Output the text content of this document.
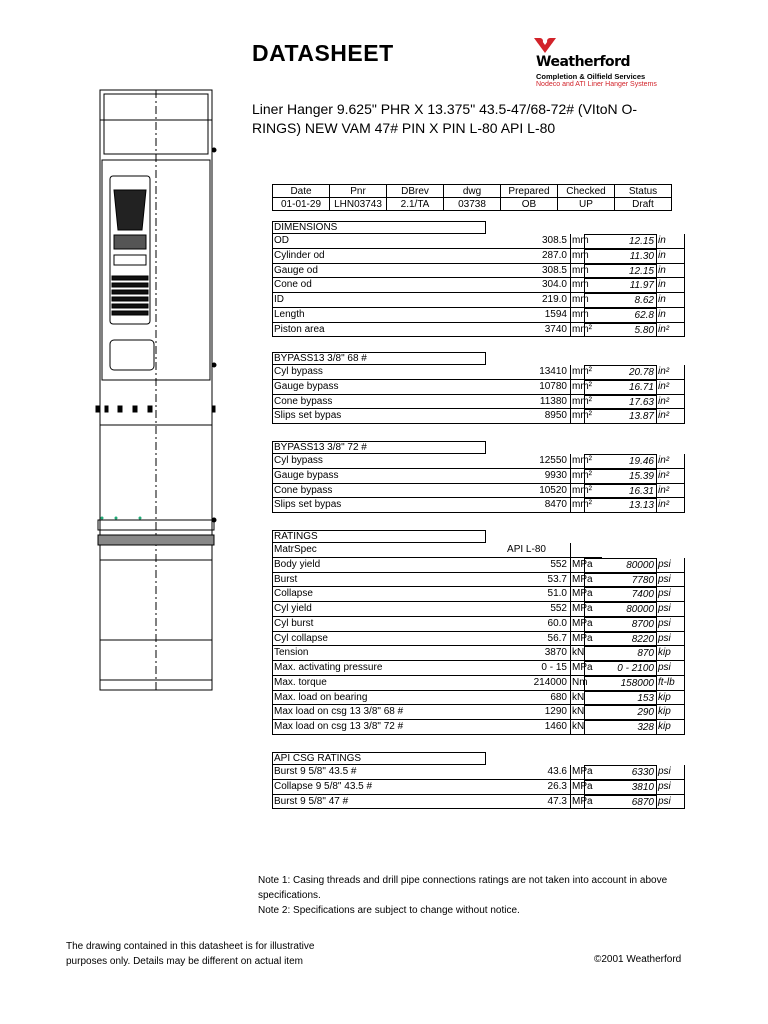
DATASHEET	Weatherford
Completion & Oilfield Services
Nodeco and ATI Liner Hanger Systems
Liner Hanger 9.625" PHR X 13.375" 43.5-47/68-72# (VItoN O-RINGS) NEW VAM 47# PIN X PIN L-80 API L-80
Date	Pnr	DBrev	dwg	Prepared	Checked	Status
01-01-29	LHN03743	2.1/TA	03738	OB	UP	Draft
DIMENSIONS
OD	308.5 mm	12.15 in
Cylinder od	287.0 mm	11.30 in
Gauge od	308.5 mm	12.15 in
Cone od	304.0 mm	11.97 in
ID	219.0 mm	8.62 in
Length	1594 mm	62.8 in
Piston area	3740 mm²	5.80 in²
BYPASS13 3/8" 68 #
Cyl bypass	13410 mm²	20.78 in²
Gauge bypass	10780 mm²	16.71 in²
Cone bypass	11380 mm²	17.63 in²
Slips set bypas	8950 mm²	13.87 in²
BYPASS13 3/8" 72 #
Cyl bypass	12550 mm²	19.46 in²
Gauge bypass	9930 mm²	15.39 in²
Cone bypass	10520 mm²	16.31 in²
Slips set bypas	8470 mm²	13.13 in²
RATINGS
MatrSpec	API L-80
Body yield	552 MPa	80000 psi
Burst	53.7 MPa	7780 psi
Collapse	51.0 MPa	7400 psi
Cyl yield	552 MPa	80000 psi
Cyl burst	60.0 MPa	8700 psi
Cyl collapse	56.7 MPa	8220 psi
Tension	3870 kN	870 kip
Max. activating pressure	0 - 15 MPa	0 - 2100 psi
Max. torque	214000 Nm	158000 ft-lb
Max. load on bearing	680 kN	153 kip
Max load on csg 13 3/8" 68 #	1290 kN	290 kip
Max load on csg 13 3/8" 72 #	1460 kN	328 kip
API CSG RATINGS
Burst 9 5/8" 43.5 #	43.6 MPa	6330 psi
Collapse 9 5/8" 43.5 #	26.3 MPa	3810 psi
Burst 9 5/8" 47 #	47.3 MPa	6870 psi
Note 1: Casing threads and drill pipe connections ratings are not taken into account in above specifications.
Note 2: Specifications are subject to change without notice.
The drawing contained in this datasheet is for illustrative purposes only. Details may be different on actual item	©2001 Weatherford
